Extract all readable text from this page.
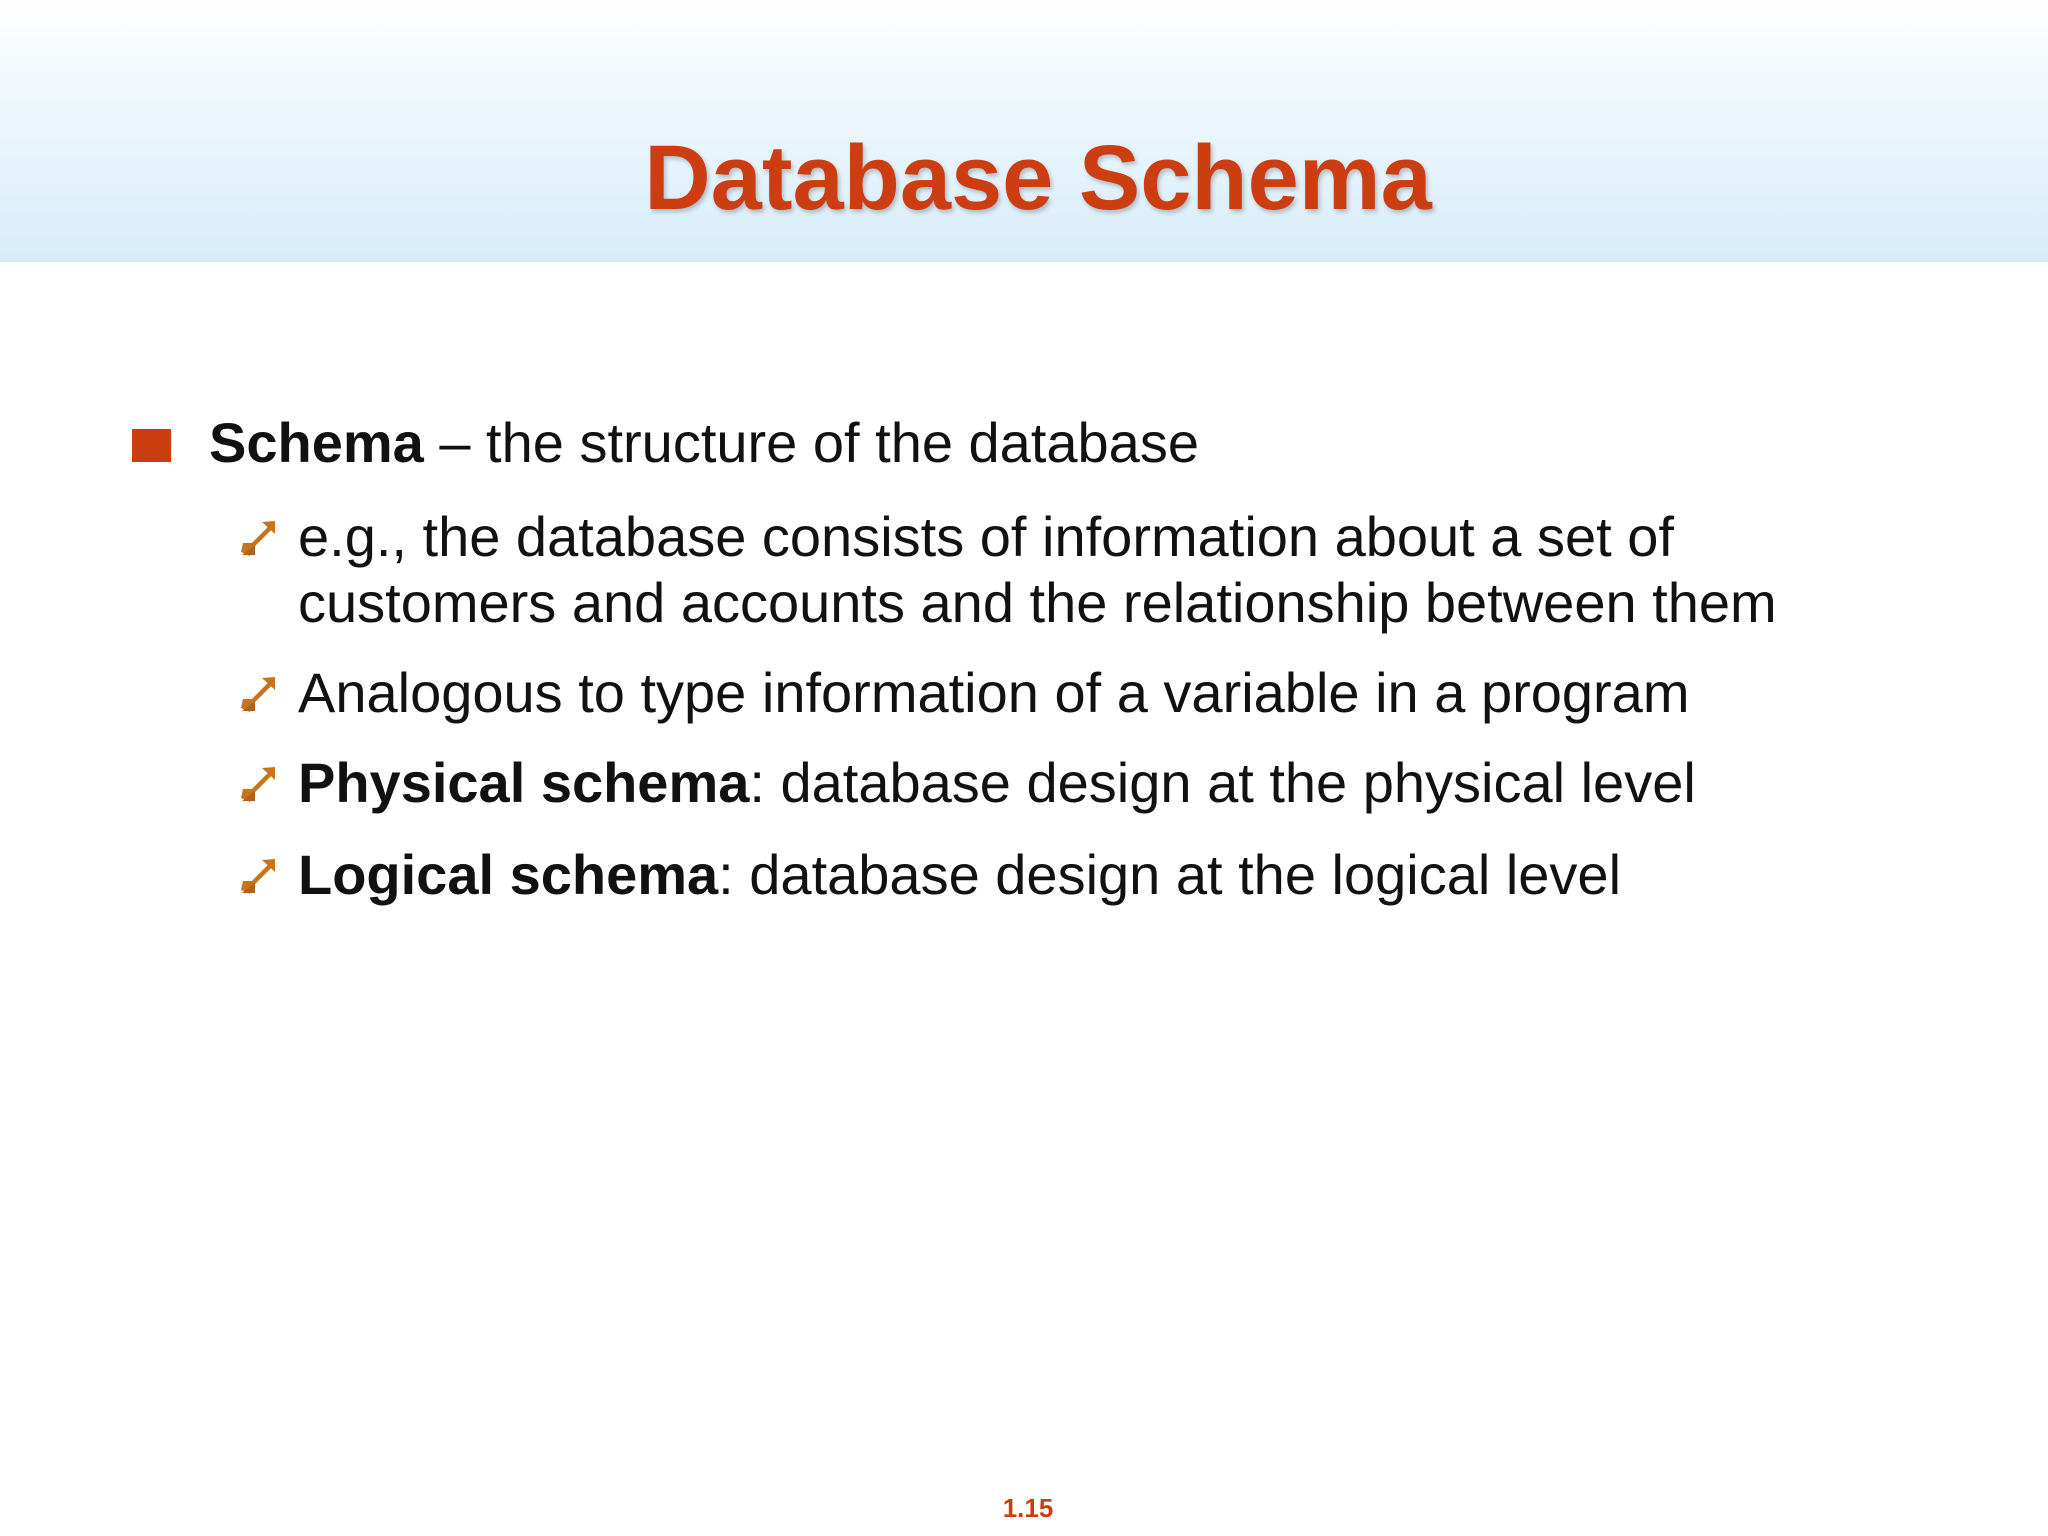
Database Schema
Schema – the structure of the database
e.g., the database consists of information about a set of
customers and accounts and the relationship between them
Analogous to type information of a variable in a program
Physical schema: database design at the physical level
Logical schema: database design at the logical level
1.15
